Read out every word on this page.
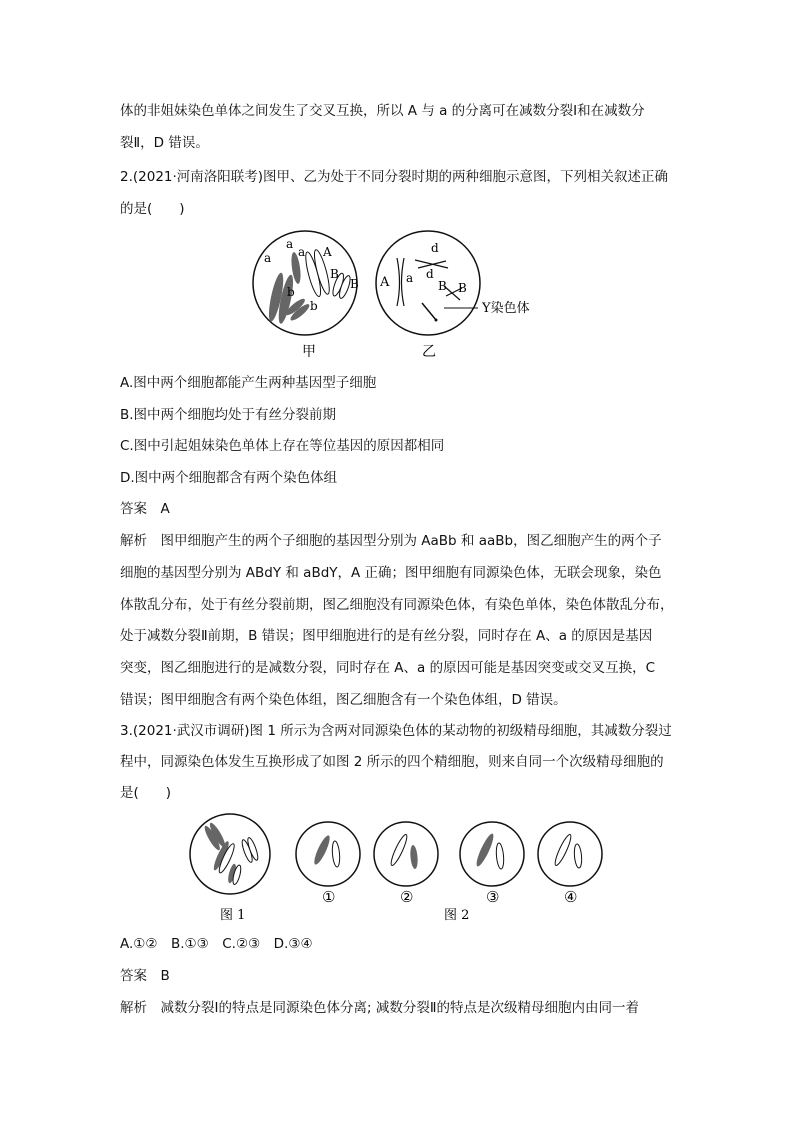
体的非姐妹染色单体之间发生了交叉互换，所以 A 与 a 的分离可在减数分裂Ⅰ和在减数分
裂Ⅱ，D 错误。
2.(2021·河南洛阳联考)图甲、乙为处于不同分裂时期的两种细胞示意图，下列相关叙述正确
的是(　　)
a
a
A
a
B
B
b
b
A a
d
d
B B
Y染色体
甲	乙
A.图中两个细胞都能产生两种基因型子细胞
B.图中两个细胞均处于有丝分裂前期
C.图中引起姐妹染色单体上存在等位基因的原因都相同
D.图中两个细胞都含有两个染色体组
答案　A
解析　图甲细胞产生的两个子细胞的基因型分别为 AaBb 和 aaBb，图乙细胞产生的两个子
细胞的基因型分别为 ABdY 和 aBdY，A 正确；图甲细胞有同源染色体，无联会现象，染色
体散乱分布，处于有丝分裂前期，图乙细胞没有同源染色体，有染色单体，染色体散乱分布，
处于减数分裂Ⅱ前期，B 错误；图甲细胞进行的是有丝分裂，同时存在 A、a 的原因是基因
突变，图乙细胞进行的是减数分裂，同时存在 A、a 的原因可能是基因突变或交叉互换，C
错误；图甲细胞含有两个染色体组，图乙细胞含有一个染色体组，D 错误。
3.(2021·武汉市调研)图 1 所示为含两对同源染色体的某动物的初级精母细胞，其减数分裂过
程中，同源染色体发生互换形成了如图 2 所示的四个精细胞，则来自同一个次级精母细胞的
是(　　)
①	②	③	④
图 1	图 2
A.①②　B.①③　C.②③　D.③④
答案　B
解析　减数分裂Ⅰ的特点是同源染色体分离; 减数分裂Ⅱ的特点是次级精母细胞内由同一着
